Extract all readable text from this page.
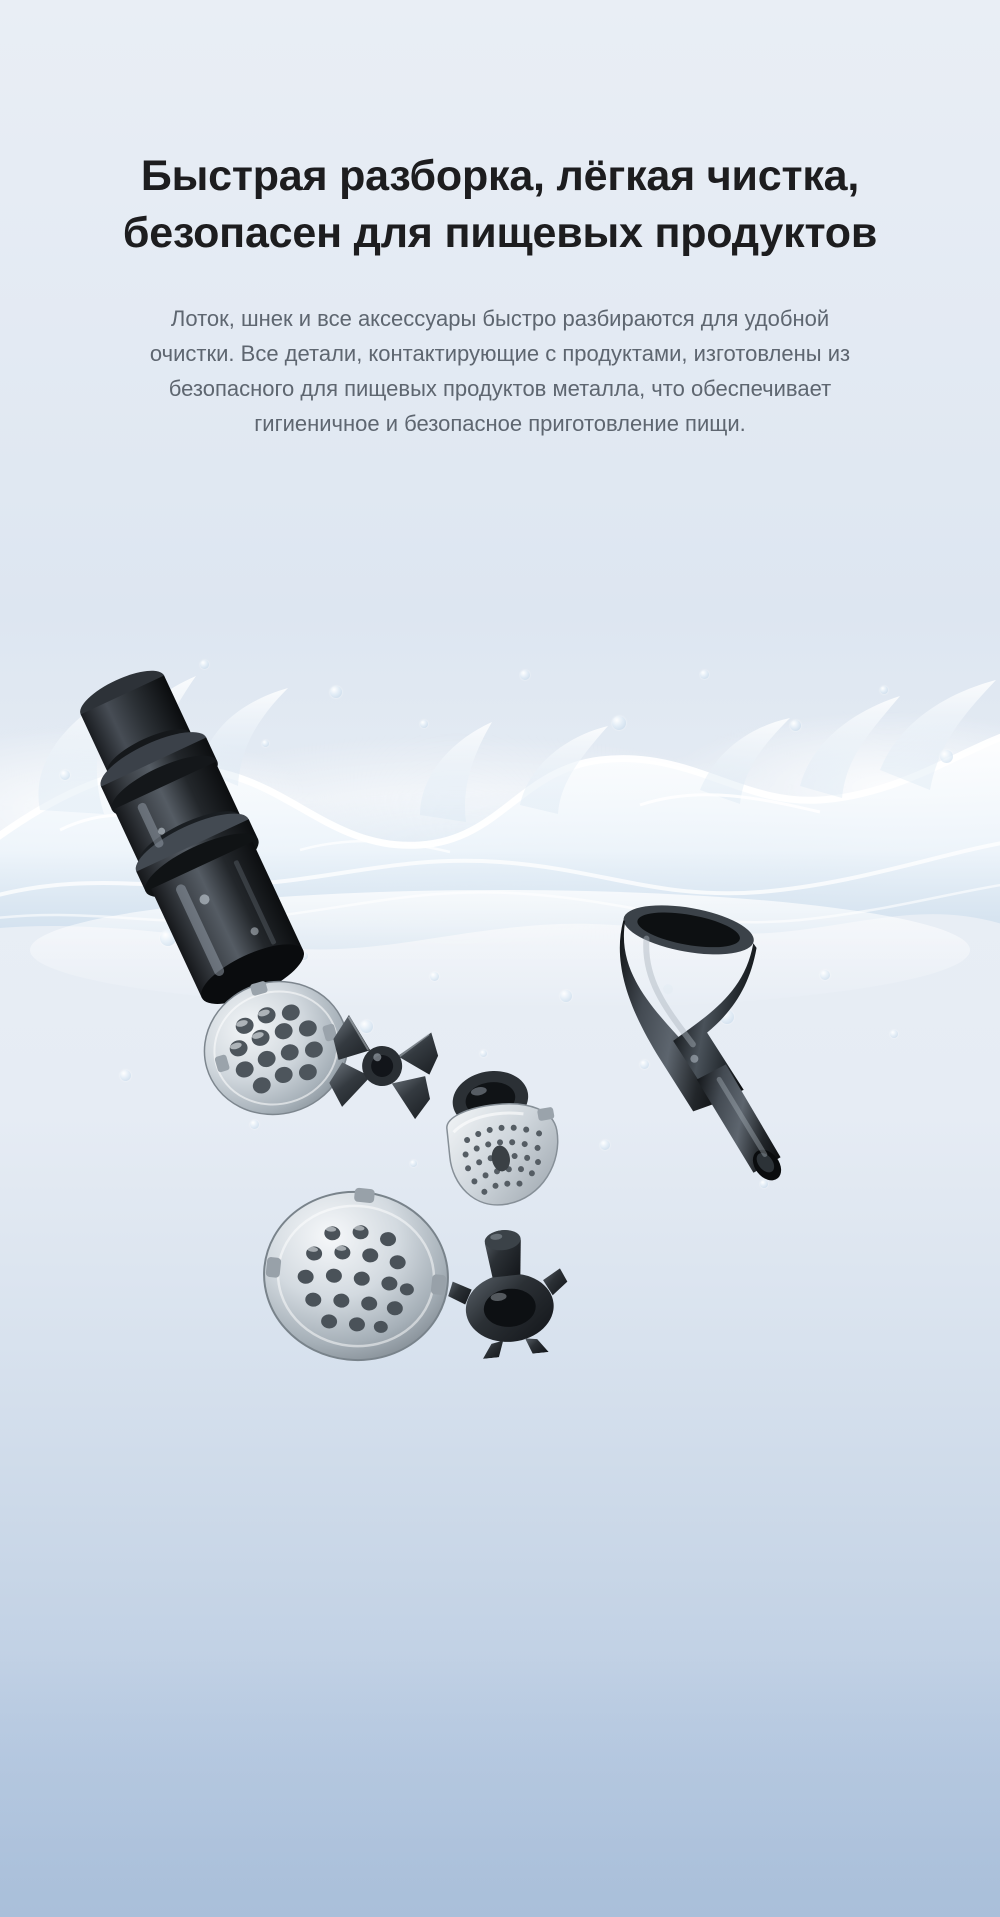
Быстрая разборка, лёгкая чистка, безопасен для пищевых продуктов

Лоток, шнек и все аксессуары быстро разбираются для удобной очистки. Все детали, контактирующие с продуктами, изготовлены из безопасного для пищевых продуктов металла, что обеспечивает гигиеничное и безопасное приготовление пищи.
